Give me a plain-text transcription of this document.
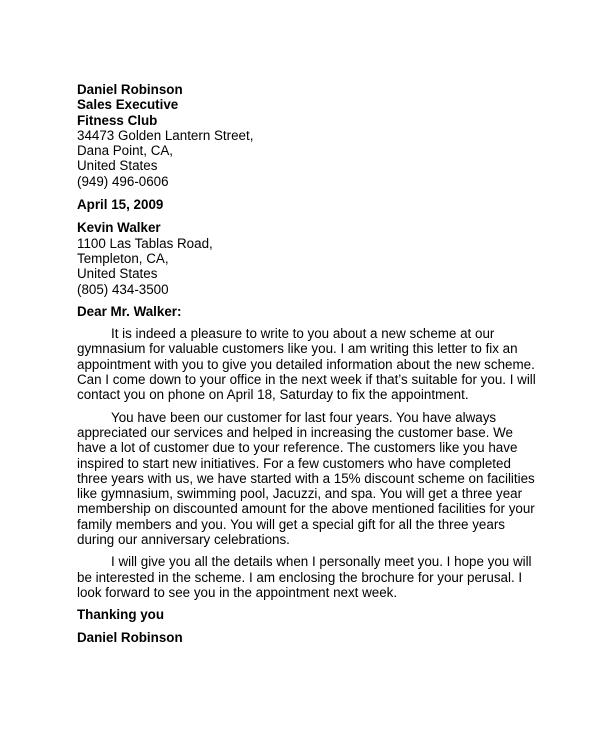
Daniel Robinson
Sales Executive
Fitness Club
34473 Golden Lantern Street,
Dana Point, CA,
United States
(949) 496-0606
April 15, 2009
Kevin Walker
1100 Las Tablas Road,
Templeton, CA,
United States
(805) 434-3500
Dear Mr. Walker:

It is indeed a pleasure to write to you about a new scheme at our
gymnasium for valuable customers like you. I am writing this letter to fix an
appointment with you to give you detailed information about the new scheme.
Can I come down to your office in the next week if that’s suitable for you. I will
contact you on phone on April 18, Saturday to fix the appointment.

You have been our customer for last four years. You have always
appreciated our services and helped in increasing the customer base. We
have a lot of customer due to your reference. The customers like you have
inspired to start new initiatives. For a few customers who have completed
three years with us, we have started with a 15% discount scheme on facilities
like gymnasium, swimming pool, Jacuzzi, and spa. You will get a three year
membership on discounted amount for the above mentioned facilities for your
family members and you. You will get a special gift for all the three years
during our anniversary celebrations.

I will give you all the details when I personally meet you. I hope you will
be interested in the scheme. I am enclosing the brochure for your perusal. I
look forward to see you in the appointment next week.

Thanking you
Daniel Robinson
